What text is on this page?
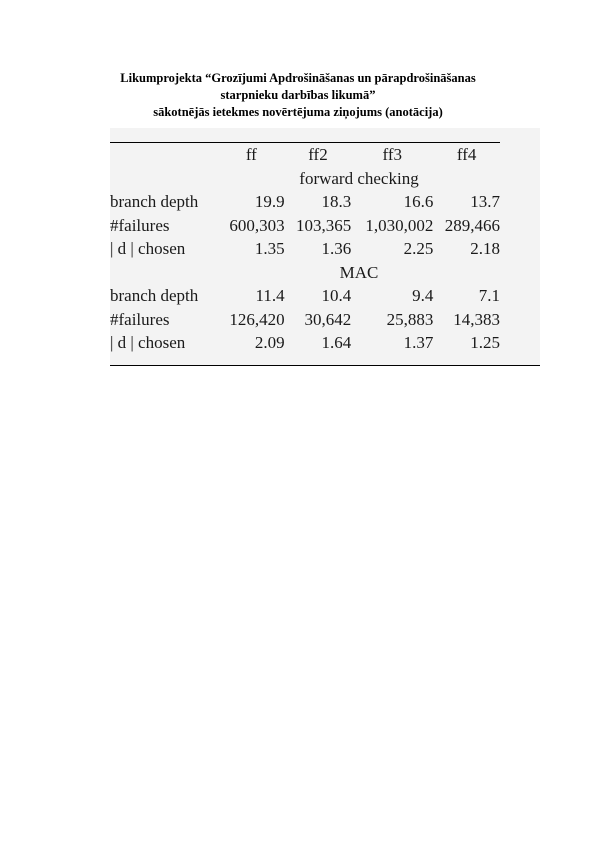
Likumprojekta “Grozījumi Apdrošināšanas un pārapdrošināšanas
starpnieku darbības likumā”
sākotnējās ietekmes novērtējuma ziņojums (anotācija)
	ff	ff2	ff3	ff4
	forward checking			
branch depth	19.9	18.3	16.6	13.7
#failures	600,303	103,365	1,030,002	289,466
| d | chosen	1.35	1.36	2.25	2.18
	MAC			
branch depth	11.4	10.4	9.4	7.1
#failures	126,420	30,642	25,883	14,383
| d | chosen	2.09	1.64	1.37	1.25
